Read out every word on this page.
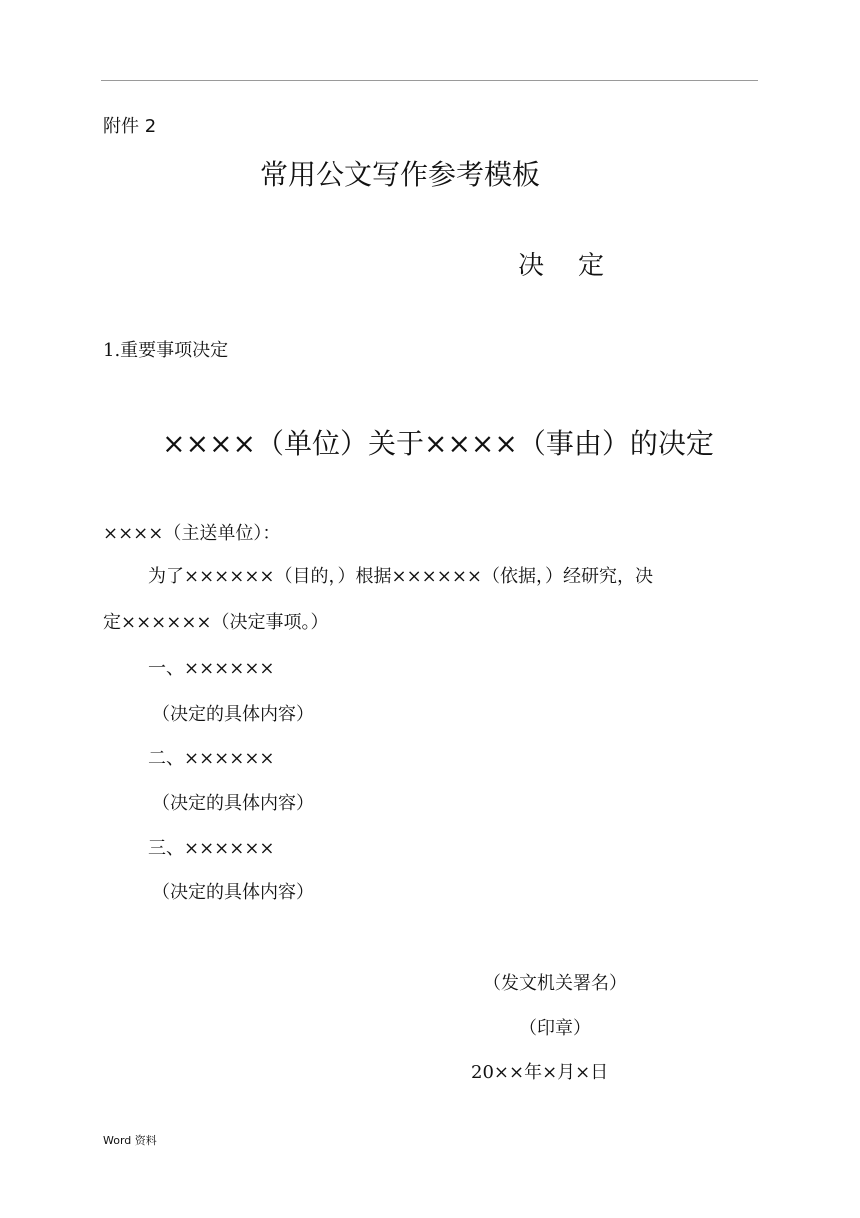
附件 2
常用公文写作参考模板
决定
1.重要事项决定
××××（单位）关于××××（事由）的决定
××××（主送单位）：
为了××××××（目的，）根据××××××（依据，）经研究，决
定××××××（决定事项。）
一、××××××
（决定的具体内容）
二、××××××
（决定的具体内容）
三、××××××
（决定的具体内容）
（发文机关署名）
（印章）
20××年×月×日
Word 资料
